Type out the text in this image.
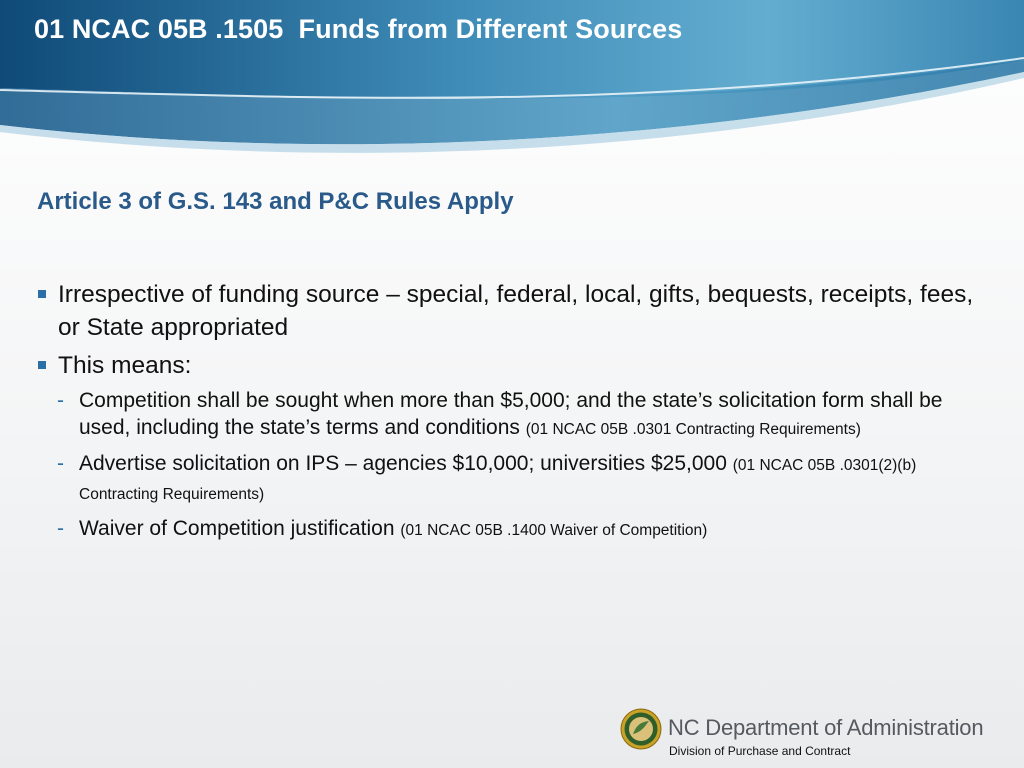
01 NCAC 05B .1505  Funds from Different Sources
Article 3 of G.S. 143 and P&C Rules Apply
Irrespective of funding source – special, federal, local, gifts, bequests, receipts, fees, or State appropriated
This means:
- Competition shall be sought when more than $5,000; and the state’s solicitation form shall be used, including the state’s terms and conditions (01 NCAC 05B .0301 Contracting Requirements)
- Advertise solicitation on IPS – agencies $10,000; universities $25,000 (01 NCAC 05B .0301(2)(b) Contracting Requirements)
- Waiver of Competition justification (01 NCAC 05B .1400 Waiver of Competition)
NC Department of Administration
Division of Purchase and Contract
